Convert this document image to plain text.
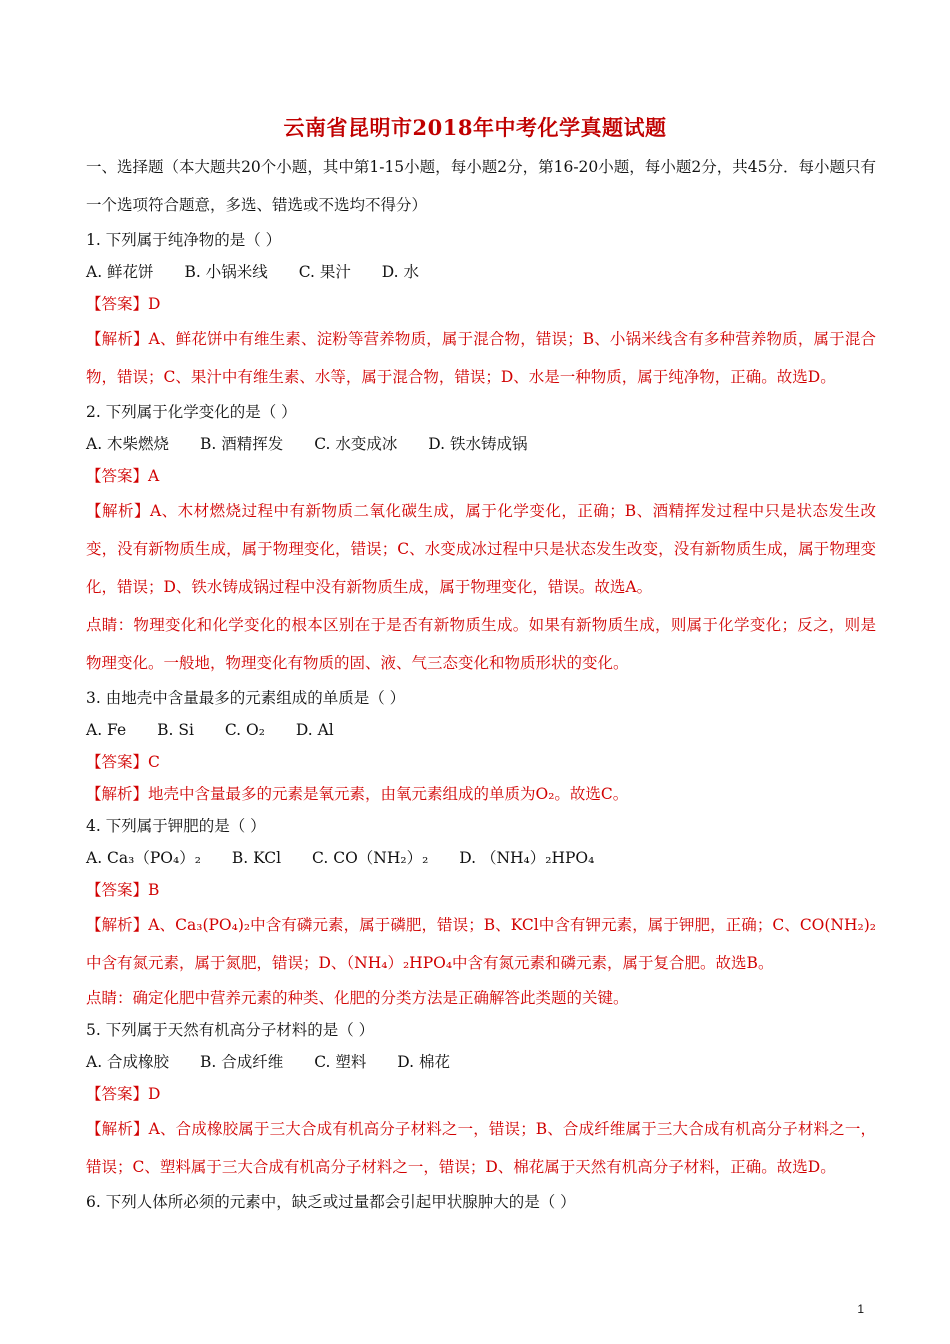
云南省昆明市2018年中考化学真题试题

一、选择题（本大题共20个小题，其中第1-15小题，每小题2分，第16-20小题，每小题2分，共45分．每小题只有一个选项符合题意，多选、错选或不选均不得分）

1. 下列属于纯净物的是（ ）

A. 鲜花饼 B. 小锅米线 C. 果汁 D. 水

【答案】D

【解析】A、鲜花饼中有维生素、淀粉等营养物质，属于混合物，错误；B、小锅米线含有多种营养物质，属于混合物，错误；C、果汁中有维生素、水等，属于混合物，错误；D、水是一种物质，属于纯净物，正确。故选D。

2. 下列属于化学变化的是（ ）

A. 木柴燃烧 B. 酒精挥发 C. 水变成冰 D. 铁水铸成锅

【答案】A

【解析】A、木材燃烧过程中有新物质二氧化碳生成，属于化学变化，正确；B、酒精挥发过程中只是状态发生改变，没有新物质生成，属于物理变化，错误；C、水变成冰过程中只是状态发生改变，没有新物质生成，属于物理变化，错误；D、铁水铸成锅过程中没有新物质生成，属于物理变化，错误。故选A。

点睛：物理变化和化学变化的根本区别在于是否有新物质生成。如果有新物质生成，则属于化学变化；反之，则是物理变化。一般地，物理变化有物质的固、液、气三态变化和物质形状的变化。

3. 由地壳中含量最多的元素组成的单质是（ ）

A. Fe B. Si C. O₂ D. Al

【答案】C

【解析】地壳中含量最多的元素是氧元素，由氧元素组成的单质为O₂。故选C。

4. 下列属于钾肥的是（ ）

A. Ca₃（PO₄）₂ B. KCl C. CO（NH₂）₂ D. （NH₄）₂HPO₄

【答案】B

【解析】A、Ca₃(PO₄)₂中含有磷元素，属于磷肥，错误；B、KCl中含有钾元素，属于钾肥，正确；C、CO(NH₂)₂中含有氮元素，属于氮肥，错误；D、（NH₄）₂HPO₄中含有氮元素和磷元素，属于复合肥。故选B。

点睛：确定化肥中营养元素的种类、化肥的分类方法是正确解答此类题的关键。

5. 下列属于天然有机高分子材料的是（ ）

A. 合成橡胶 B. 合成纤维 C. 塑料 D. 棉花

【答案】D

【解析】A、合成橡胶属于三大合成有机高分子材料之一，错误；B、合成纤维属于三大合成有机高分子材料之一，错误；C、塑料属于三大合成有机高分子材料之一，错误；D、棉花属于天然有机高分子材料，正确。故选D。

6. 下列人体所必须的元素中，缺乏或过量都会引起甲状腺肿大的是（ ）

1
